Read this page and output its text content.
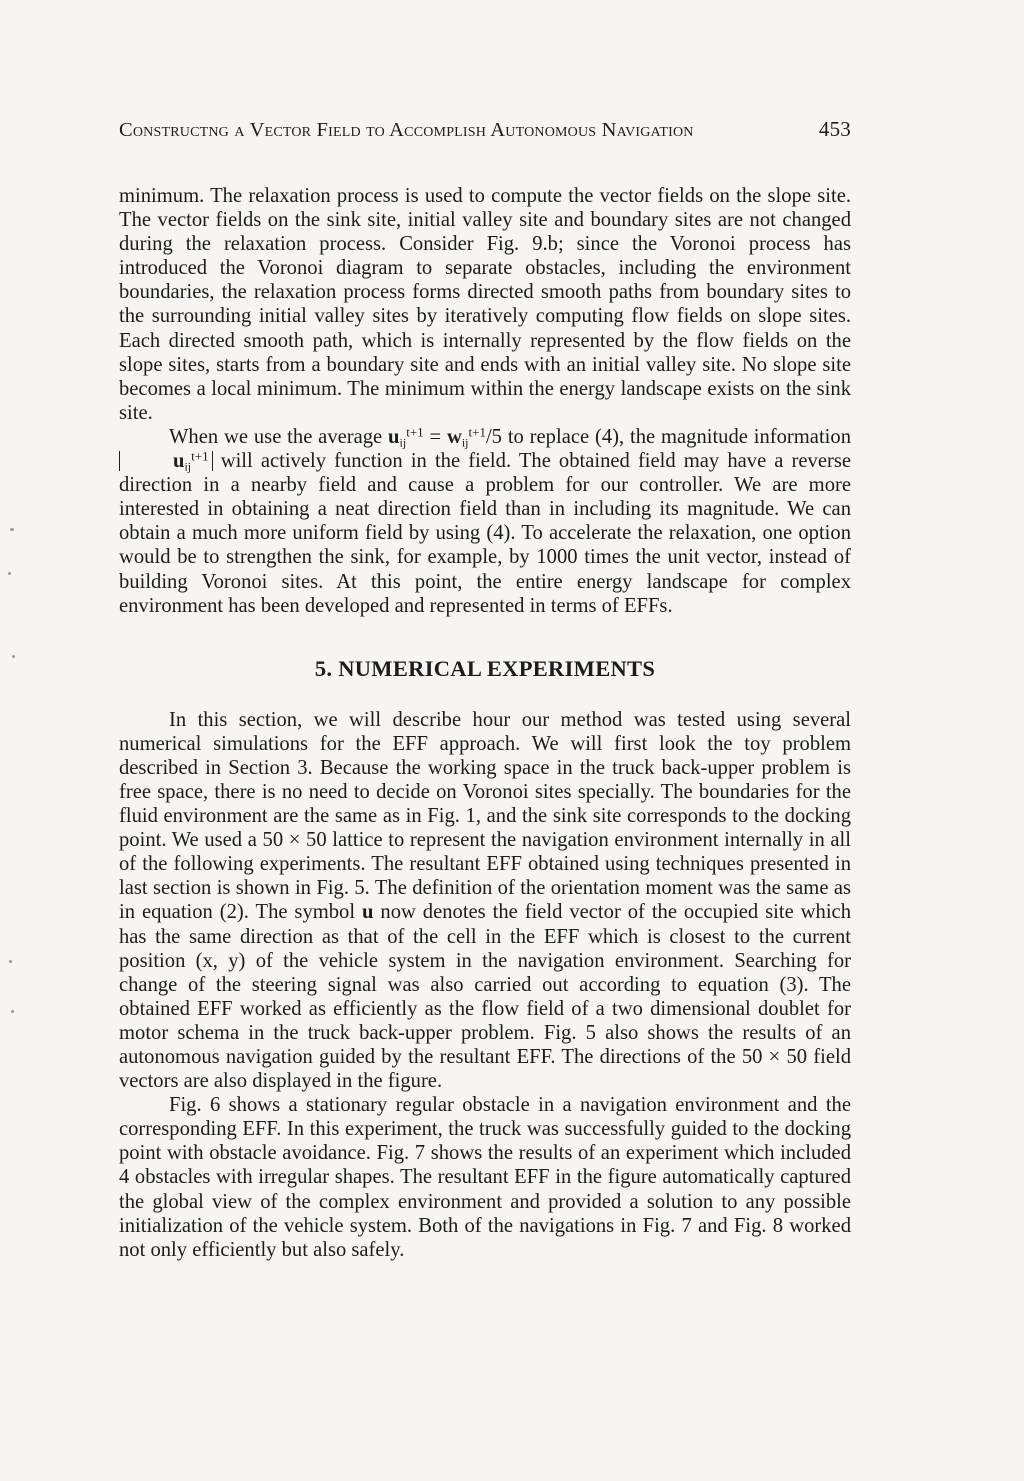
Constructng a Vector Field to Accomplish Autonomous Navigation	453

minimum. The relaxation process is used to compute the vector fields on the slope site. The vector fields on the sink site, initial valley site and boundary sites are not changed during the relaxation process. Consider Fig. 9.b; since the Voronoi process has introduced the Voronoi diagram to separate obstacles, including the environment boundaries, the relaxation process forms directed smooth paths from boundary sites to the surrounding initial valley sites by iteratively computing flow fields on slope sites. Each directed smooth path, which is internally represented by the flow fields on the slope sites, starts from a boundary site and ends with an initial valley site. No slope site becomes a local minimum. The minimum within the energy landscape exists on the sink site.

When we use the average $u_{ij}^{t+1} = w_{ij}^{t+1}/5$ to replace (4), the magnitude information $u_{ij}^{t+1}$ will actively function in the field. The obtained field may have a reverse direction in a nearby field and cause a problem for our controller. We are more interested in obtaining a neat direction field than in including its magnitude. We can obtain a much more uniform field by using (4). To accelerate the relaxation, one option would be to strengthen the sink, for example, by 1000 times the unit vector, instead of building Voronoi sites. At this point, the entire energy landscape for complex environment has been developed and represented in terms of EFFs.

5. NUMERICAL EXPERIMENTS

In this section, we will describe hour our method was tested using several numerical simulations for the EFF approach. We will first look the toy problem described in Section 3. Because the working space in the truck back-upper problem is free space, there is no need to decide on Voronoi sites specially. The boundaries for the fluid environment are the same as in Fig. 1, and the sink site corresponds to the docking point. We used a 50 × 50 lattice to represent the navigation environment internally in all of the following experiments. The resultant EFF obtained using techniques presented in last section is shown in Fig. 5. The definition of the orientation moment was the same as in equation (2). The symbol u now denotes the field vector of the occupied site which has the same direction as that of the cell in the EFF which is closest to the current position (x, y) of the vehicle system in the navigation environment. Searching for change of the steering signal was also carried out according to equation (3). The obtained EFF worked as efficiently as the flow field of a two dimensional doublet for motor schema in the truck back-upper problem. Fig. 5 also shows the results of an autonomous navigation guided by the resultant EFF. The directions of the 50 × 50 field vectors are also displayed in the figure.

Fig. 6 shows a stationary regular obstacle in a navigation environment and the corresponding EFF. In this experiment, the truck was successfully guided to the docking point with obstacle avoidance. Fig. 7 shows the results of an experiment which included 4 obstacles with irregular shapes. The resultant EFF in the figure automatically captured the global view of the complex environment and provided a solution to any possible initialization of the vehicle system. Both of the navigations in Fig. 7 and Fig. 8 worked not only efficiently but also safely.
